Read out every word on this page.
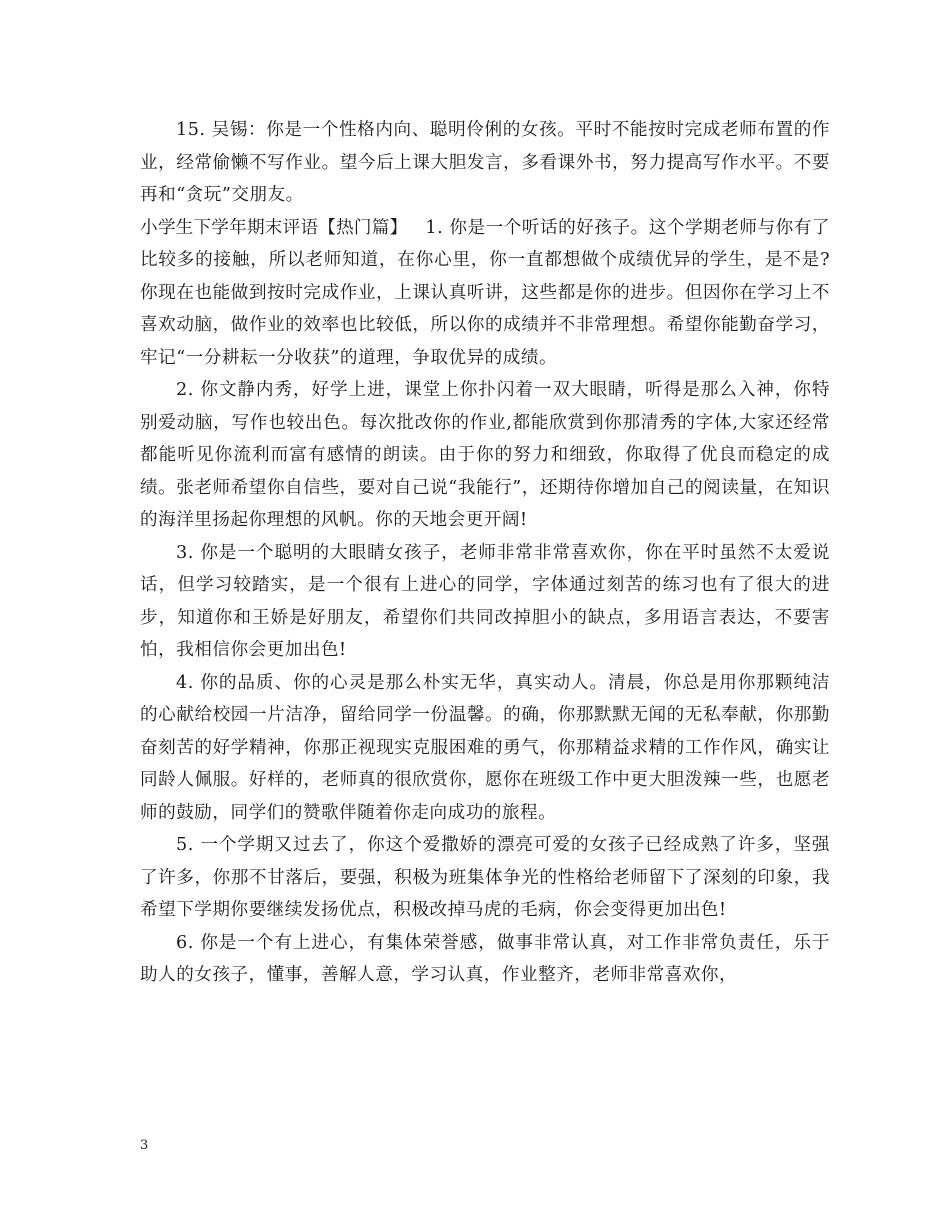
15. 吴锡：你是一个性格内向、聪明伶俐的女孩。平时不能按时完成老师布置的作业，经常偷懒不写作业。望今后上课大胆发言，多看课外书，努力提高写作水平。不要再和“贪玩”交朋友。

小学生下学年期末评语【热门篇】 1. 你是一个听话的好孩子。这个学期老师与你有了比较多的接触，所以老师知道，在你心里，你一直都想做个成绩优异的学生，是不是?你现在也能做到按时完成作业，上课认真听讲，这些都是你的进步。但因你在学习上不喜欢动脑，做作业的效率也比较低，所以你的成绩并不非常理想。希望你能勤奋学习，牢记“一分耕耘一分收获”的道理，争取优异的成绩。

2. 你文静内秀，好学上进，课堂上你扑闪着一双大眼睛，听得是那么入神，你特别爱动脑，写作也较出色。每次批改你的作业,都能欣赏到你那清秀的字体,大家还经常都能听见你流利而富有感情的朗读。由于你的努力和细致，你取得了优良而稳定的成绩。张老师希望你自信些，要对自己说“我能行”，还期待你增加自己的阅读量，在知识的海洋里扬起你理想的风帆。你的天地会更开阔!

3. 你是一个聪明的大眼睛女孩子，老师非常非常喜欢你，你在平时虽然不太爱说话，但学习较踏实，是一个很有上进心的同学，字体通过刻苦的练习也有了很大的进步，知道你和王娇是好朋友，希望你们共同改掉胆小的缺点，多用语言表达，不要害怕，我相信你会更加出色!

4. 你的品质、你的心灵是那么朴实无华，真实动人。清晨，你总是用你那颗纯洁的心献给校园一片洁净，留给同学一份温馨。的确，你那默默无闻的无私奉献，你那勤奋刻苦的好学精神，你那正视现实克服困难的勇气，你那精益求精的工作作风，确实让同龄人佩服。好样的，老师真的很欣赏你，愿你在班级工作中更大胆泼辣一些，也愿老师的鼓励，同学们的赞歌伴随着你走向成功的旅程。

5. 一个学期又过去了，你这个爱撒娇的漂亮可爱的女孩子已经成熟了许多，坚强了许多，你那不甘落后，要强，积极为班集体争光的性格给老师留下了深刻的印象，我希望下学期你要继续发扬优点，积极改掉马虎的毛病，你会变得更加出色!

6. 你是一个有上进心，有集体荣誉感，做事非常认真，对工作非常负责任，乐于助人的女孩子，懂事，善解人意，学习认真，作业整齐，老师非常喜欢你，

3
